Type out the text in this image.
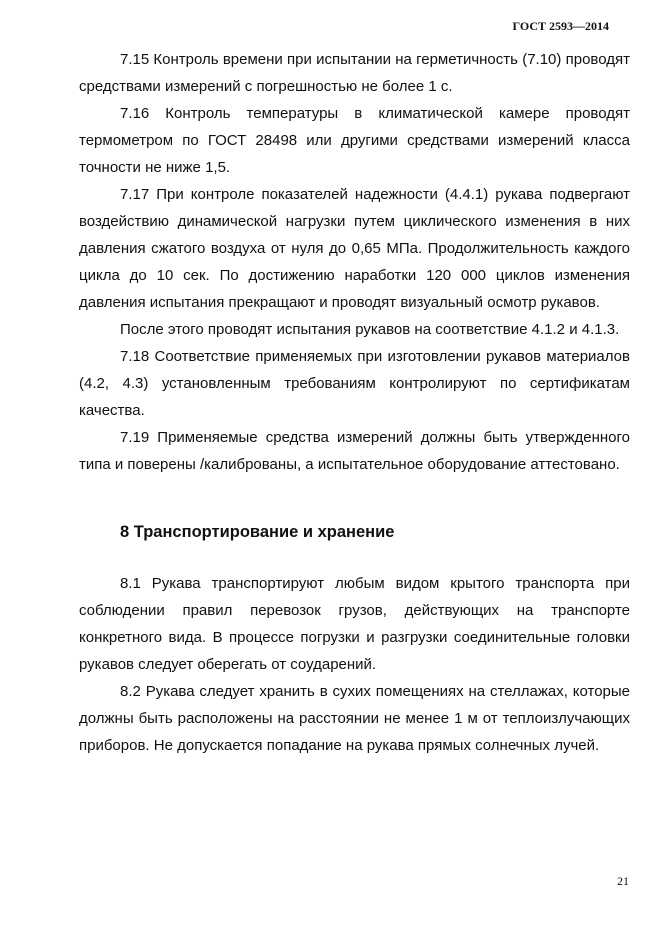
ГОСТ 2593—2014

7.15 Контроль времени при испытании на герметичность (7.10) проводят средствами измерений с погрешностью не более 1 с.

7.16 Контроль температуры в климатической камере проводят термометром по ГОСТ 28498 или другими средствами измерений класса точности не ниже 1,5.

7.17 При контроле показателей надежности (4.4.1) рукава подвергают воздействию динамической нагрузки путем циклического изменения в них давления сжатого воздуха от нуля до 0,65 МПа. Продолжительность каждого цикла до 10 сек. По достижению наработки 120 000 циклов изменения давления испытания прекращают и проводят визуальный осмотр рукавов.

После этого проводят испытания рукавов на соответствие 4.1.2 и 4.1.3.

7.18 Соответствие применяемых при изготовлении рукавов материалов (4.2, 4.3) установленным требованиям контролируют по сертификатам качества.

7.19 Применяемые средства измерений должны быть утвержденного типа и поверены /калиброваны, а испытательное оборудование аттестовано.

8 Транспортирование и хранение

8.1 Рукава транспортируют любым видом крытого транспорта при соблюдении правил перевозок грузов, действующих на транспорте конкретного вида. В процессе погрузки и разгрузки соединительные головки рукавов следует оберегать от соударений.

8.2 Рукава следует хранить в сухих помещениях на стеллажах, которые должны быть расположены на расстоянии не менее 1 м от теплоизлучающих приборов. Не допускается попадание на рукава прямых солнечных лучей.

21
